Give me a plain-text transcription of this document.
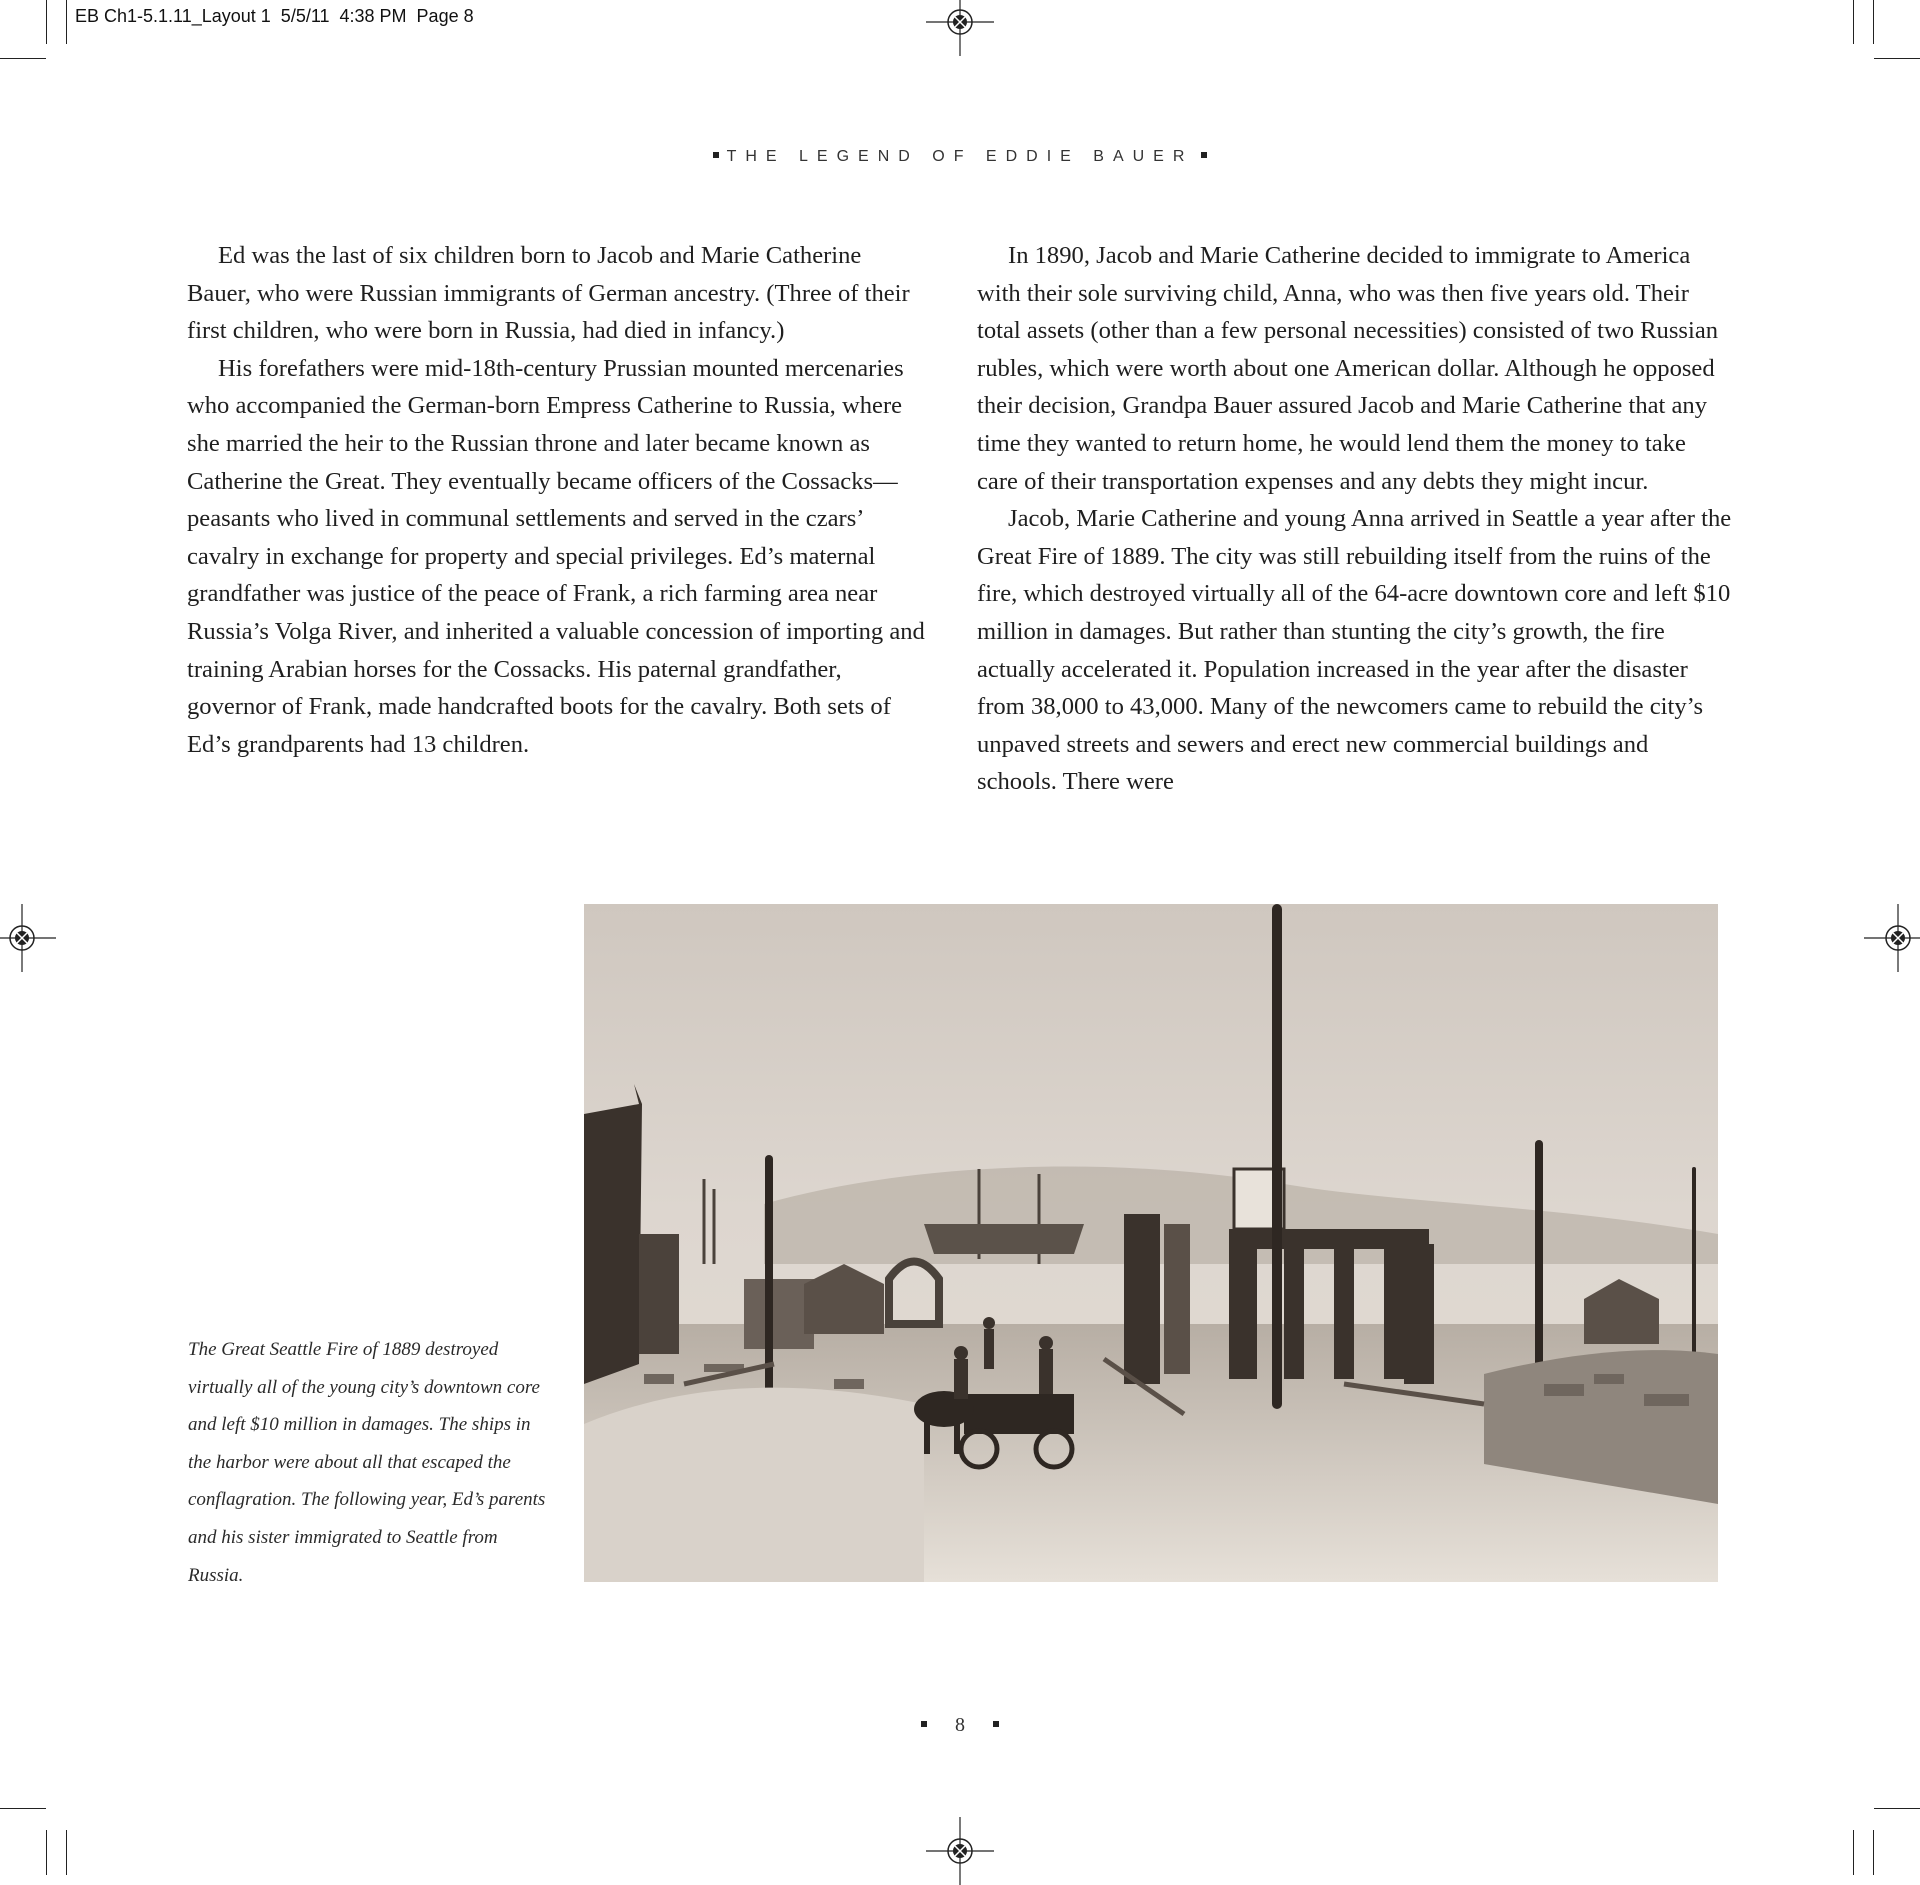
EB Ch1-5.1.11_Layout 1  5/5/11  4:38 PM  Page 8
THE LEGEND OF EDDIE BAUER

Ed was the last of six children born to Jacob and Marie Catherine Bauer, who were Russian immigrants of German ancestry. (Three of their first children, who were born in Russia, had died in infancy.)

His forefathers were mid-18th-century Prussian mounted mercenaries who accompanied the German-born Empress Catherine to Russia, where she married the heir to the Russian throne and later became known as Catherine the Great. They eventually became officers of the Cossacks—peasants who lived in communal settlements and served in the czars’ cavalry in exchange for property and special privileges. Ed’s maternal grandfather was justice of the peace of Frank, a rich farming area near Russia’s Volga River, and inherited a valuable concession of importing and training Arabian horses for the Cossacks. His paternal grandfather, governor of Frank, made handcrafted boots for the cavalry. Both sets of Ed’s grandparents had 13 children.

In 1890, Jacob and Marie Catherine decided to immigrate to America with their sole surviving child, Anna, who was then five years old. Their total assets (other than a few personal necessities) consisted of two Russian rubles, which were worth about one American dollar. Although he opposed their decision, Grandpa Bauer assured Jacob and Marie Catherine that any time they wanted to return home, he would lend them the money to take care of their transportation expenses and any debts they might incur.

Jacob, Marie Catherine and young Anna arrived in Seattle a year after the Great Fire of 1889. The city was still rebuilding itself from the ruins of the fire, which destroyed virtually all of the 64-acre downtown core and left $10 million in damages. But rather than stunting the city’s growth, the fire actually accelerated it. Population increased in the year after the disaster from 38,000 to 43,000. Many of the newcomers came to rebuild the city’s unpaved streets and sewers and erect new commercial buildings and schools. There were

The Great Seattle Fire of 1889 destroyed virtually all of the young city’s downtown core and left $10 million in damages. The ships in the harbor were about all that escaped the conflagration. The following year, Ed’s parents and his sister immigrated to Seattle from Russia.
8
